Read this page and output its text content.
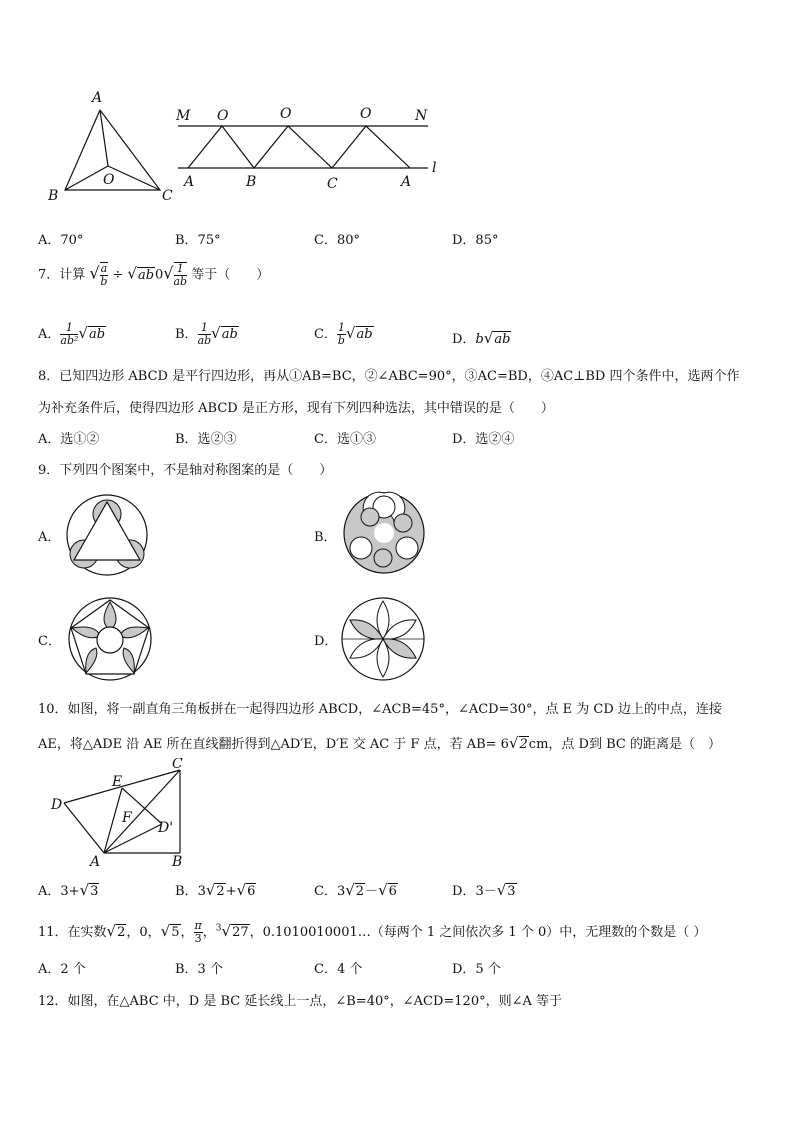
A
B	C
O
M O	O	O	N
l
A	B	C	A
A．70°	B．75°	C．80°	D．85°
7．计算 √ $\frac{a}{b} \div √ab0√ \frac{1}{ab}$ 等于（　　）
A． $\frac{1}{\text{ab²}} √ab$	B． $\frac{1}{ab} √ab$	C． $\frac{1}{b} √ab$	D．b√ab
8．已知四边形 ABCD 是平行四边形，再从①AB=BC，②∠ABC=90°，③AC=BD，④AC⊥BD 四个条件中，选两个作
为补充条件后，使得四边形 ABCD 是正方形，现有下列四种选法，其中错误的是（　　）
A．选①②	B．选②③	C．选①③	D．选②④
9．下列四个图案中，不是轴对称图案的是（　　）
A．	B．
C．	D．
10．如图，将一副直角三角板拼在一起得四边形 ABCD，∠ACB=45°，∠ACD=30°，点 E 为 CD 边上的中点，连接
AE，将△ADE 沿 AE 所在直线翻折得到△AD′E，D′E 交 AC 于 F 点，若 AB= 6√2cm，点 D到 BC 的距离是（　）
C
E
D
F
D'
A	B
A．3+√3	B．3√2+√6	C．3√2－√6	D．3－√3
11．在实数√2，0，√5， $\frac{\pi}{3}$ ，$^3$√27，0.1010010001…（每两个 1 之间依次多 1 个 0）中，无理数的个数是（ ）
A．2 个	B．3 个	C．4 个	D．5 个
12．如图，在△ABC 中，D 是 BC 延长线上一点，∠B=40°，∠ACD=120°，则∠A 等于
